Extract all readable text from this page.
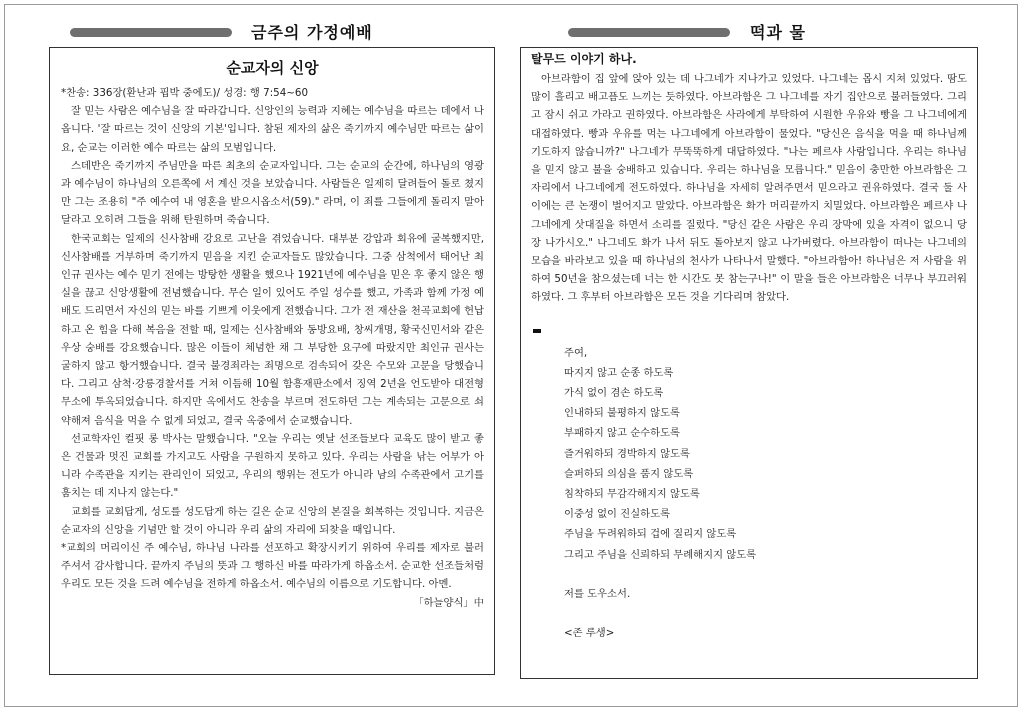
금주의 가정예배	떡과 물
순교자의 신앙

*찬송: 336장(환난과 핍박 중에도)/ 성경: 행 7:54~60

잘 믿는 사람은 예수님을 잘 따라갑니다. 신앙인의 능력과 지혜는 예수님을 따르는 데에서 나옵니다. '잘 따르는 것이 신앙의 기본'입니다. 참된 제자의 삶은 죽기까지 예수님만 따르는 삶이요, 순교는 이러한 예수 따르는 삶의 모범입니다.

스데반은 죽기까지 주님만을 따른 최초의 순교자입니다. 그는 순교의 순간에, 하나님의 영광과 예수님이 하나님의 오른쪽에 서 계신 것을 보았습니다. 사람들은 일제히 달려들어 돌로 쳤지만 그는 조용히 "주 예수여 내 영혼을 받으시옵소서(59)." 라며, 이 죄를 그들에게 돌리지 말아 달라고 오히려 그들을 위해 탄원하며 죽습니다.

한국교회는 일제의 신사참배 강요로 고난을 겪었습니다. 대부분 강압과 회유에 굴복했지만, 신사참배를 거부하며 죽기까지 믿음을 지킨 순교자들도 많았습니다. 그중 삼척에서 태어난 최인규 권사는 예수 믿기 전에는 방탕한 생활을 했으나 1921년에 예수님을 믿은 후 좋지 않은 행실을 끊고 신앙생활에 전념했습니다. 무슨 일이 있어도 주일 성수를 했고, 가족과 함께 가정 예배도 드리면서 자신의 믿는 바를 기쁘게 이웃에게 전했습니다. 그가 전 재산을 천곡교회에 헌납하고 온 힘을 다해 복음을 전할 때, 일제는 신사참배와 동방요배, 창씨개명, 황국신민서와 같은 우상 숭배를 강요했습니다. 많은 이들이 체념한 채 그 부당한 요구에 따랐지만 최인규 권사는 굴하지 않고 항거했습니다. 결국 불경죄라는 죄명으로 검속되어 갖은 수모와 고문을 당했습니다. 그리고 삼척·강릉경찰서를 거쳐 이듬해 10월 함흥재판소에서 징역 2년을 언도받아 대전형무소에 투옥되었습니다. 하지만 옥에서도 찬송을 부르며 전도하던 그는 계속되는 고문으로 쇠약해져 음식을 먹을 수 없게 되었고, 결국 옥중에서 순교했습니다.

선교학자인 컬핏 롱 박사는 말했습니다. "오늘 우리는 옛날 선조들보다 교육도 많이 받고 좋은 건물과 멋진 교회를 가지고도 사람을 구원하지 못하고 있다. 우리는 사람을 낚는 어부가 아니라 수족관을 지키는 관리인이 되었고, 우리의 행위는 전도가 아니라 남의 수족관에서 고기를 훔치는 데 지나지 않는다."

교회를 교회답게, 성도를 성도답게 하는 길은 순교 신앙의 본질을 회복하는 것입니다. 지금은 순교자의 신앙을 기념만 할 것이 아니라 우리 삶의 자리에 되찾을 때입니다.

*교회의 머리이신 주 예수님, 하나님 나라를 선포하고 확장시키기 위하여 우리를 제자로 불러 주셔서 감사합니다. 끝까지 주님의 뜻과 그 행하신 바를 따라가게 하옵소서. 순교한 선조들처럼 우리도 모든 것을 드려 예수님을 전하게 하옵소서. 예수님의 이름으로 기도합니다. 아멘.

「하늘양식」中
탈무드 이야기 하나.

아브라함이 집 앞에 앉아 있는 데 나그네가 지나가고 있었다. 나그네는 몹시 지쳐 있었다. 땀도 많이 흘리고 배고픔도 느끼는 듯하였다. 아브라함은 그 나그네를 자기 집안으로 불러들였다. 그리고 잠시 쉬고 가라고 권하였다. 아브라함은 사라에게 부탁하여 시원한 우유와 빵을 그 나그네에게 대접하였다. 빵과 우유를 먹는 나그네에게 아브라함이 물었다. "당신은 음식을 먹을 때 하나님께 기도하지 않습니까?" 나그네가 무뚝뚝하게 대답하였다. "나는 페르샤 사람입니다. 우리는 하나님을 믿지 않고 불을 숭배하고 있습니다. 우리는 하나님을 모릅니다." 믿음이 충만한 아브라함은 그 자리에서 나그네에게 전도하였다. 하나님을 자세히 알려주면서 믿으라고 권유하였다. 결국 둘 사이에는 큰 논쟁이 벌어지고 말았다. 아브라함은 화가 머리끝까지 치밀었다. 아브라함은 페르샤 나그네에게 삿대질을 하면서 소리를 질렀다. "당신 같은 사람은 우리 장막에 있을 자격이 없으니 당장 나가시오." 나그네도 화가 나서 뒤도 돌아보지 않고 나가버렸다. 아브라함이 떠나는 나그네의 모습을 바라보고 있을 때 하나님의 천사가 나타나서 말했다. "아브라함아! 하나님은 저 사람을 위하여 50년을 참으셨는데 너는 한 시간도 못 참는구나!" 이 말을 들은 아브라함은 너무나 부끄러워하였다. 그 후부터 아브라함은 모든 것을 기다리며 참았다.

주여,
따지지 않고 순종 하도록
가식 없이 겸손 하도록
인내하되 불평하지 않도록
부패하지 않고 순수하도록
즐거워하되 경박하지 않도록
슬퍼하되 의심을 품지 않도록
침착하되 무감각해지지 않도록
이중성 없이 진실하도록
주님을 두려워하되 겁에 질리지 않도록
그리고 주님을 신뢰하되 무례해지지 않도록
저를 도우소서.
<존 루생>
